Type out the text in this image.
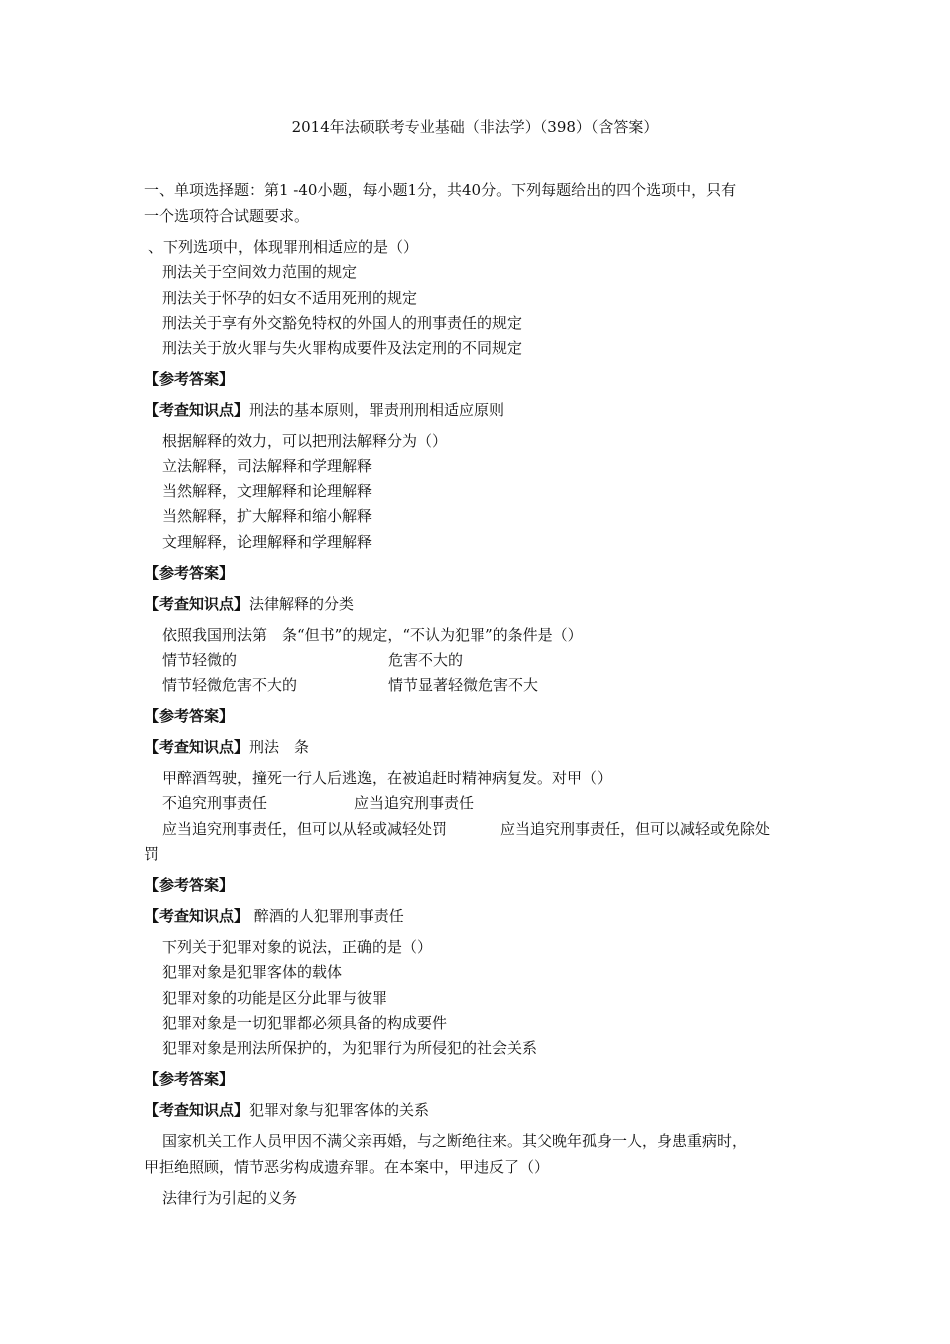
2014年法硕联考专业基础（非法学）（398）（含答案）
一、单项选择题：第1 -40小题，每小题1分，共40分。下列每题给出的四个选项中，只有
一个选项符合试题要求。
、下列选项中，体现罪刑相适应的是（）
刑法关于空间效力范围的规定
刑法关于怀孕的妇女不适用死刑的规定
刑法关于享有外交豁免特权的外国人的刑事责任的规定
刑法关于放火罪与失火罪构成要件及法定刑的不同规定
【参考答案】
【考查知识点】刑法的基本原则，罪责刑刑相适应原则
根据解释的效力，可以把刑法解释分为（）
立法解释，司法解释和学理解释
当然解释，文理解释和论理解释
当然解释，扩大解释和缩小解释
文理解释，论理解释和学理解释
【参考答案】
【考查知识点】法律解释的分类
依照我国刑法第　条“但书”的规定，“不认为犯罪”的条件是（）
情节轻微的	危害不大的
情节轻微危害不大的	情节显著轻微危害不大
【参考答案】
【考查知识点】刑法　条
甲醉酒驾驶，撞死一行人后逃逸，在被追赶时精神病复发。对甲（）
不追究刑事责任	应当追究刑事责任
应当追究刑事责任，但可以从轻或减轻处罚	应当追究刑事责任，但可以减轻或免除处
罚
【参考答案】
【考查知识点】 醉酒的人犯罪刑事责任
下列关于犯罪对象的说法，正确的是（）
犯罪对象是犯罪客体的载体
犯罪对象的功能是区分此罪与彼罪
犯罪对象是一切犯罪都必须具备的构成要件
犯罪对象是刑法所保护的，为犯罪行为所侵犯的社会关系
【参考答案】
【考查知识点】犯罪对象与犯罪客体的关系
国家机关工作人员甲因不满父亲再婚，与之断绝往来。其父晚年孤身一人，身患重病时，
甲拒绝照顾，情节恶劣构成遗弃罪。在本案中，甲违反了（）
法律行为引起的义务
